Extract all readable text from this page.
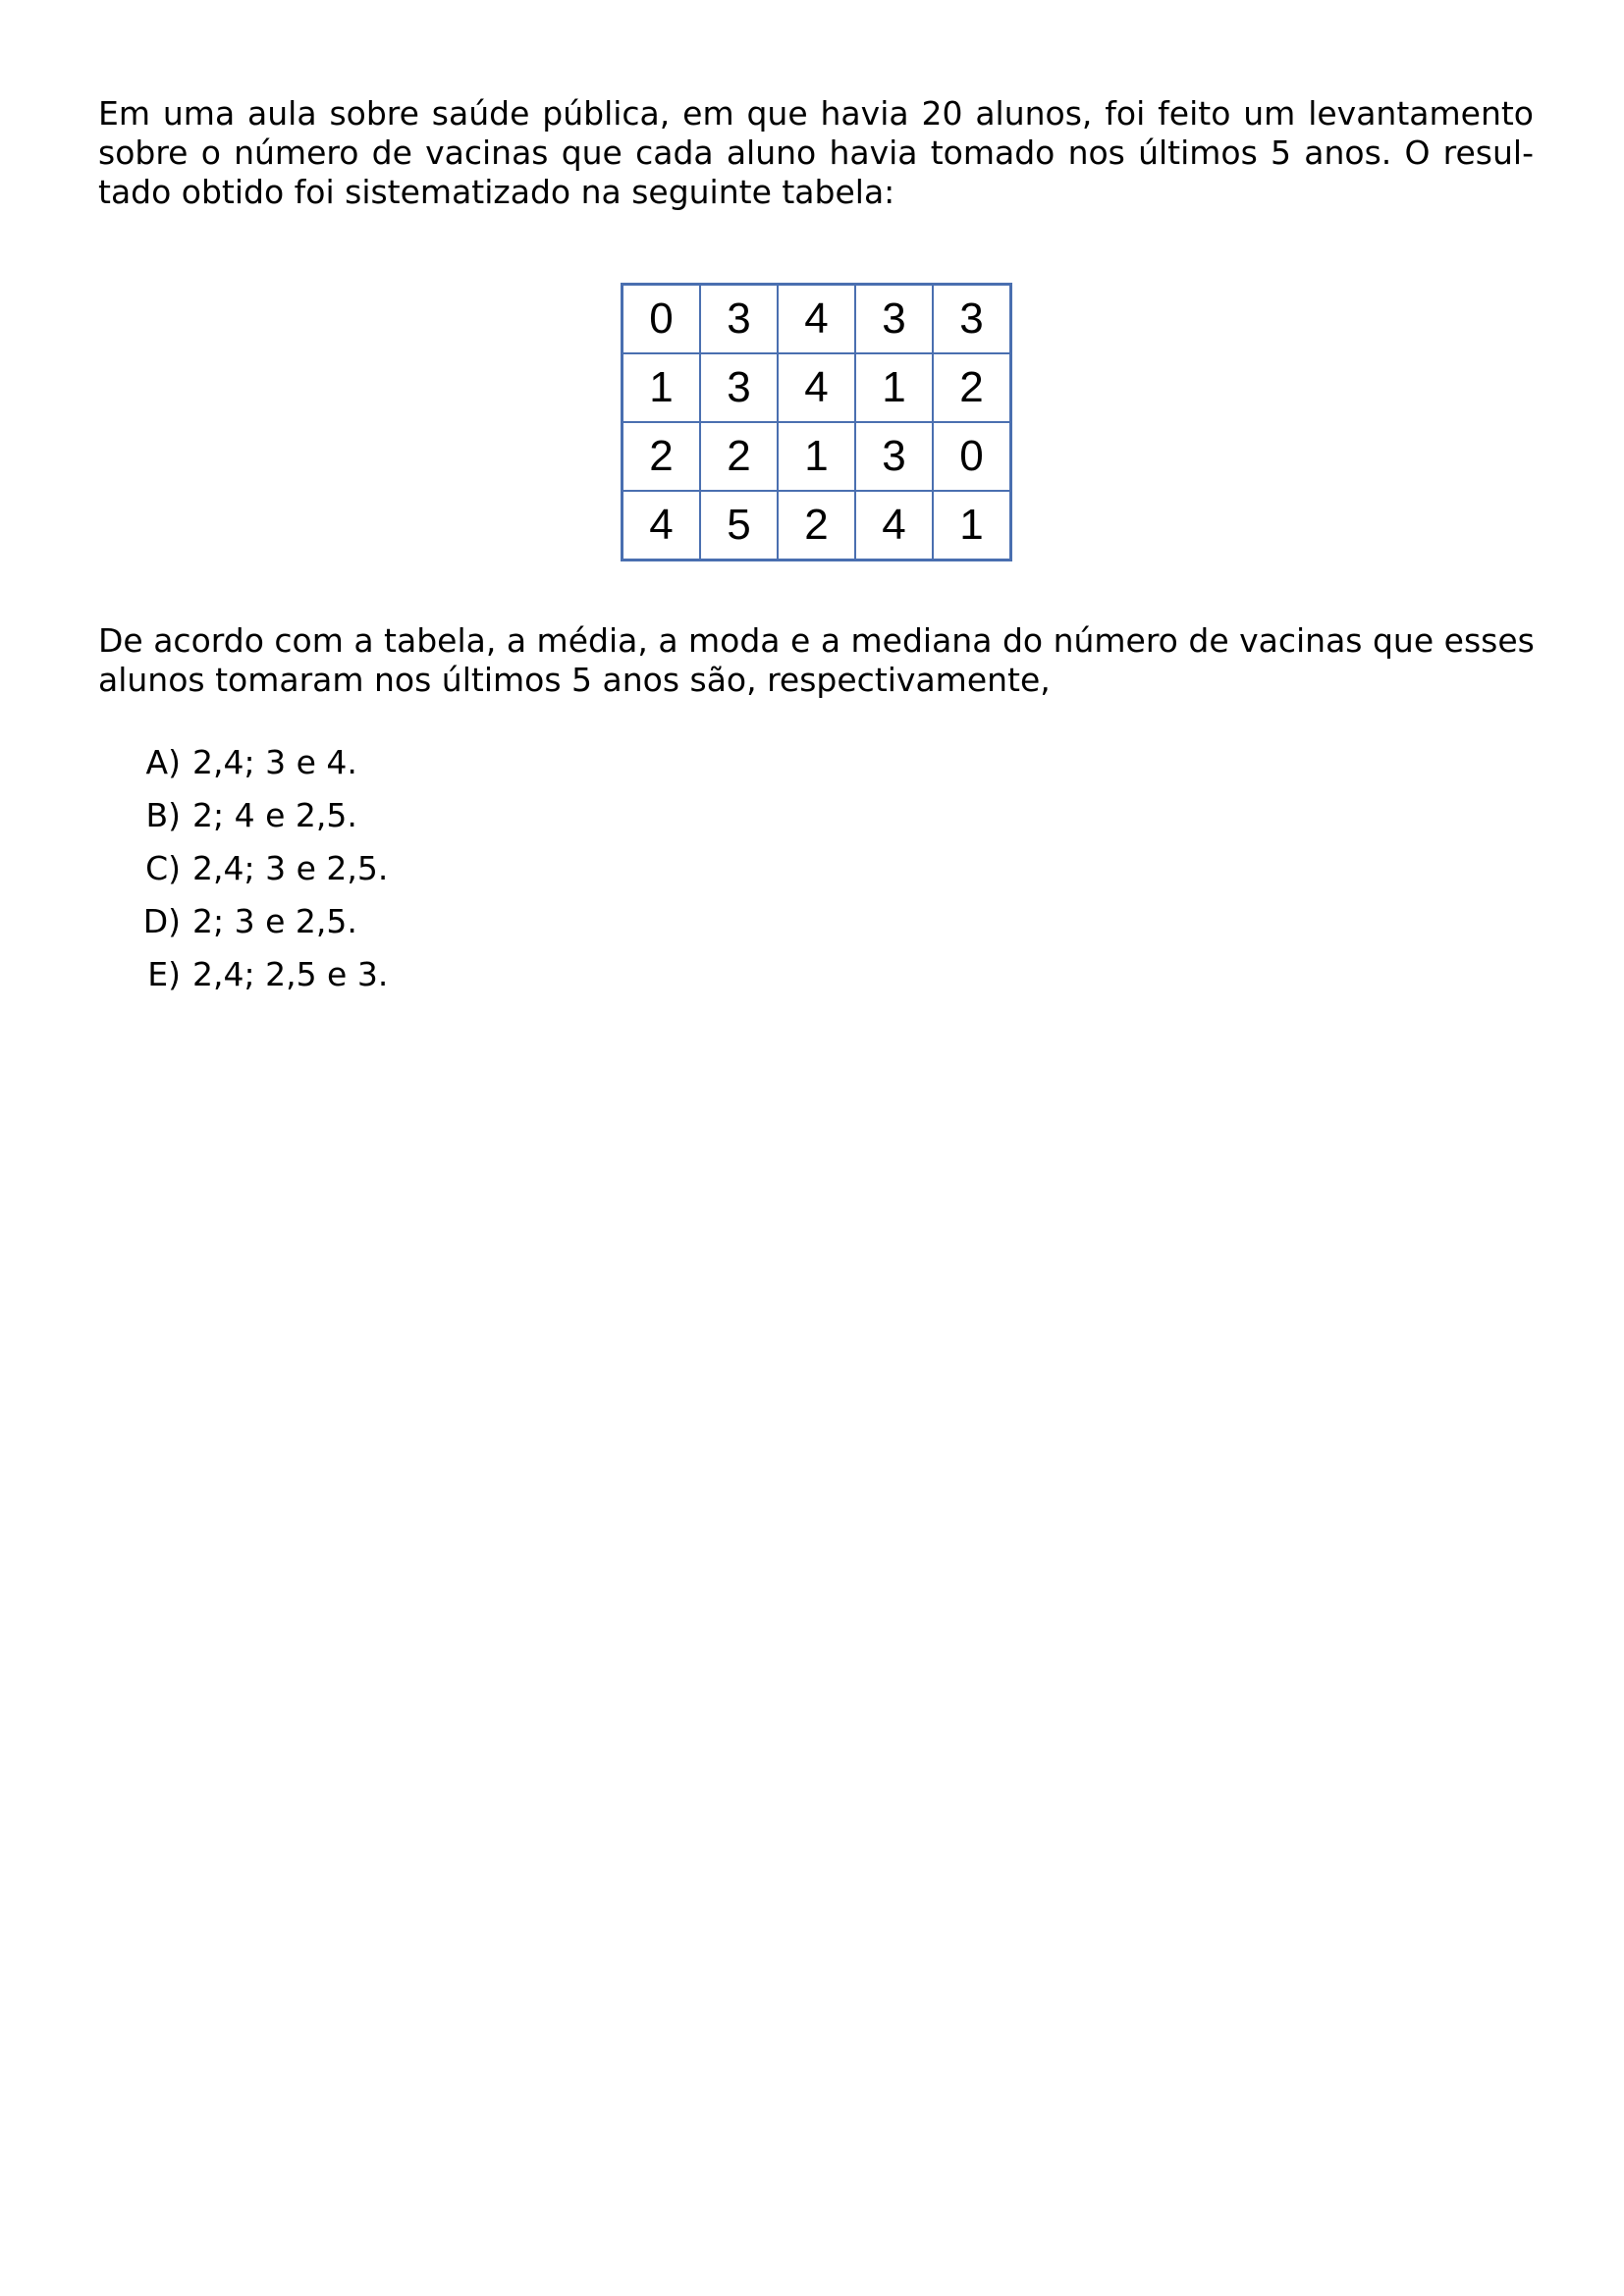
Em uma aula sobre saúde pública, em que havia 20 alunos, foi feito um levantamento
sobre o número de vacinas que cada aluno havia tomado nos últimos 5 anos. O resul-
tado obtido foi sistematizado na seguinte tabela:

0	3	4	3	3
1	3	4	1	2
2	2	1	3	0
4	5	2	4	1

De acordo com a tabela, a média, a moda e a mediana do número de vacinas que esses
alunos tomaram nos últimos 5 anos são, respectivamente,

A) 2,4; 3 e 4.
B) 2; 4 e 2,5.
C) 2,4; 3 e 2,5.
D) 2; 3 e 2,5.
E) 2,4; 2,5 e 3.
